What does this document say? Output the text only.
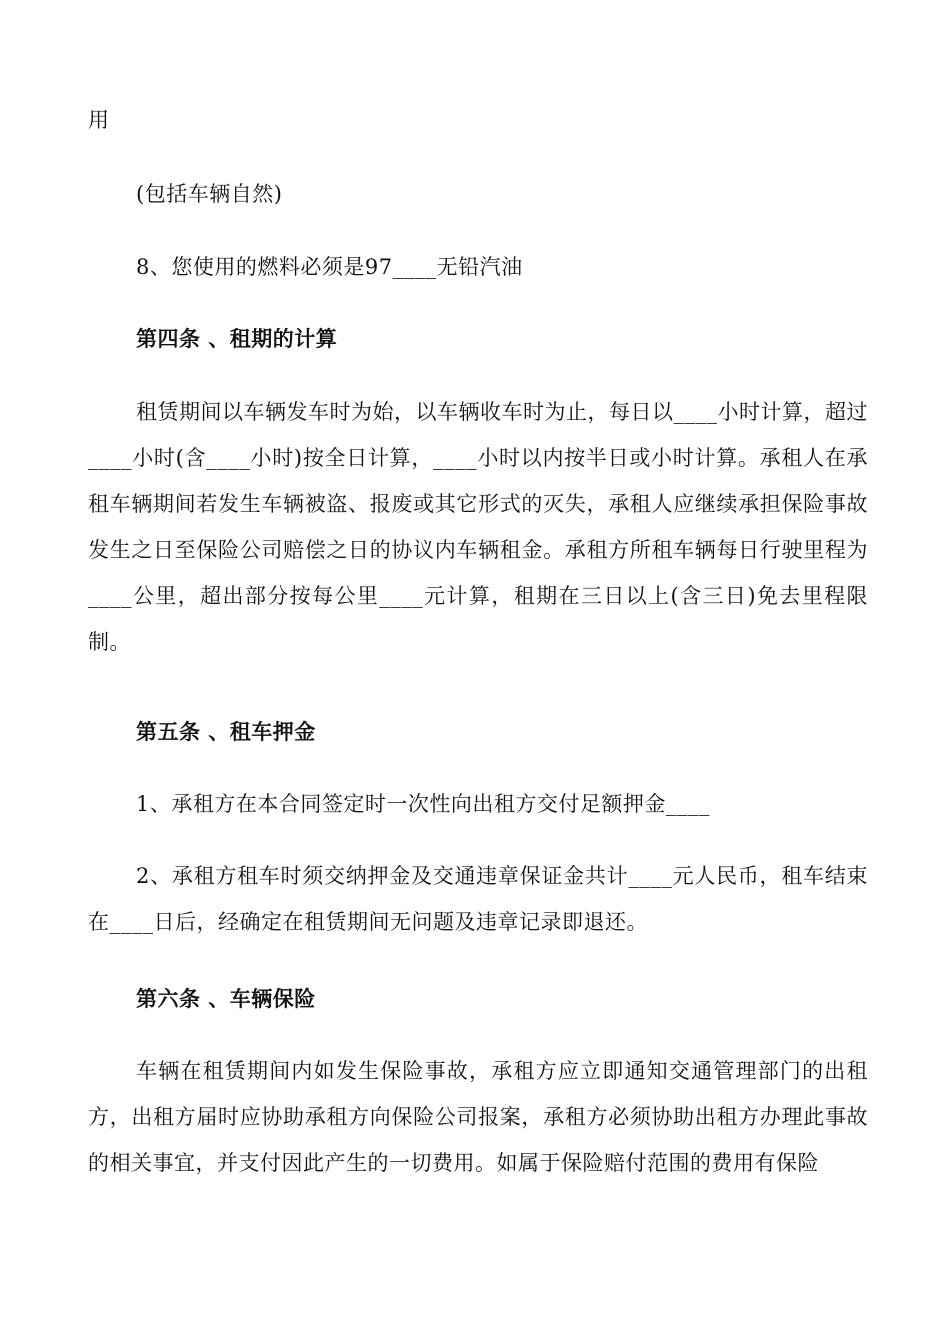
用
(包括车辆自然)
8、您使用的燃料必须是97____无铅汽油
第四条 、租期的计算
租赁期间以车辆发车时为始，以车辆收车时为止，每日以____小时计算，超过____小时(含____小时)按全日计算，____小时以内按半日或小时计算。承租人在承租车辆期间若发生车辆被盗、报废或其它形式的灭失，承租人应继续承担保险事故发生之日至保险公司赔偿之日的协议内车辆租金。承租方所租车辆每日行驶里程为____公里，超出部分按每公里____元计算，租期在三日以上(含三日)免去里程限制。
第五条 、租车押金
1、承租方在本合同签定时一次性向出租方交付足额押金____
2、承租方租车时须交纳押金及交通违章保证金共计____元人民币，租车结束在____日后，经确定在租赁期间无问题及违章记录即退还。
第六条 、车辆保险
车辆在租赁期间内如发生保险事故，承租方应立即通知交通管理部门的出租方，出租方届时应协助承租方向保险公司报案，承租方必须协助出租方办理此事故的相关事宜，并支付因此产生的一切费用。如属于保险赔付范围的费用有保险
